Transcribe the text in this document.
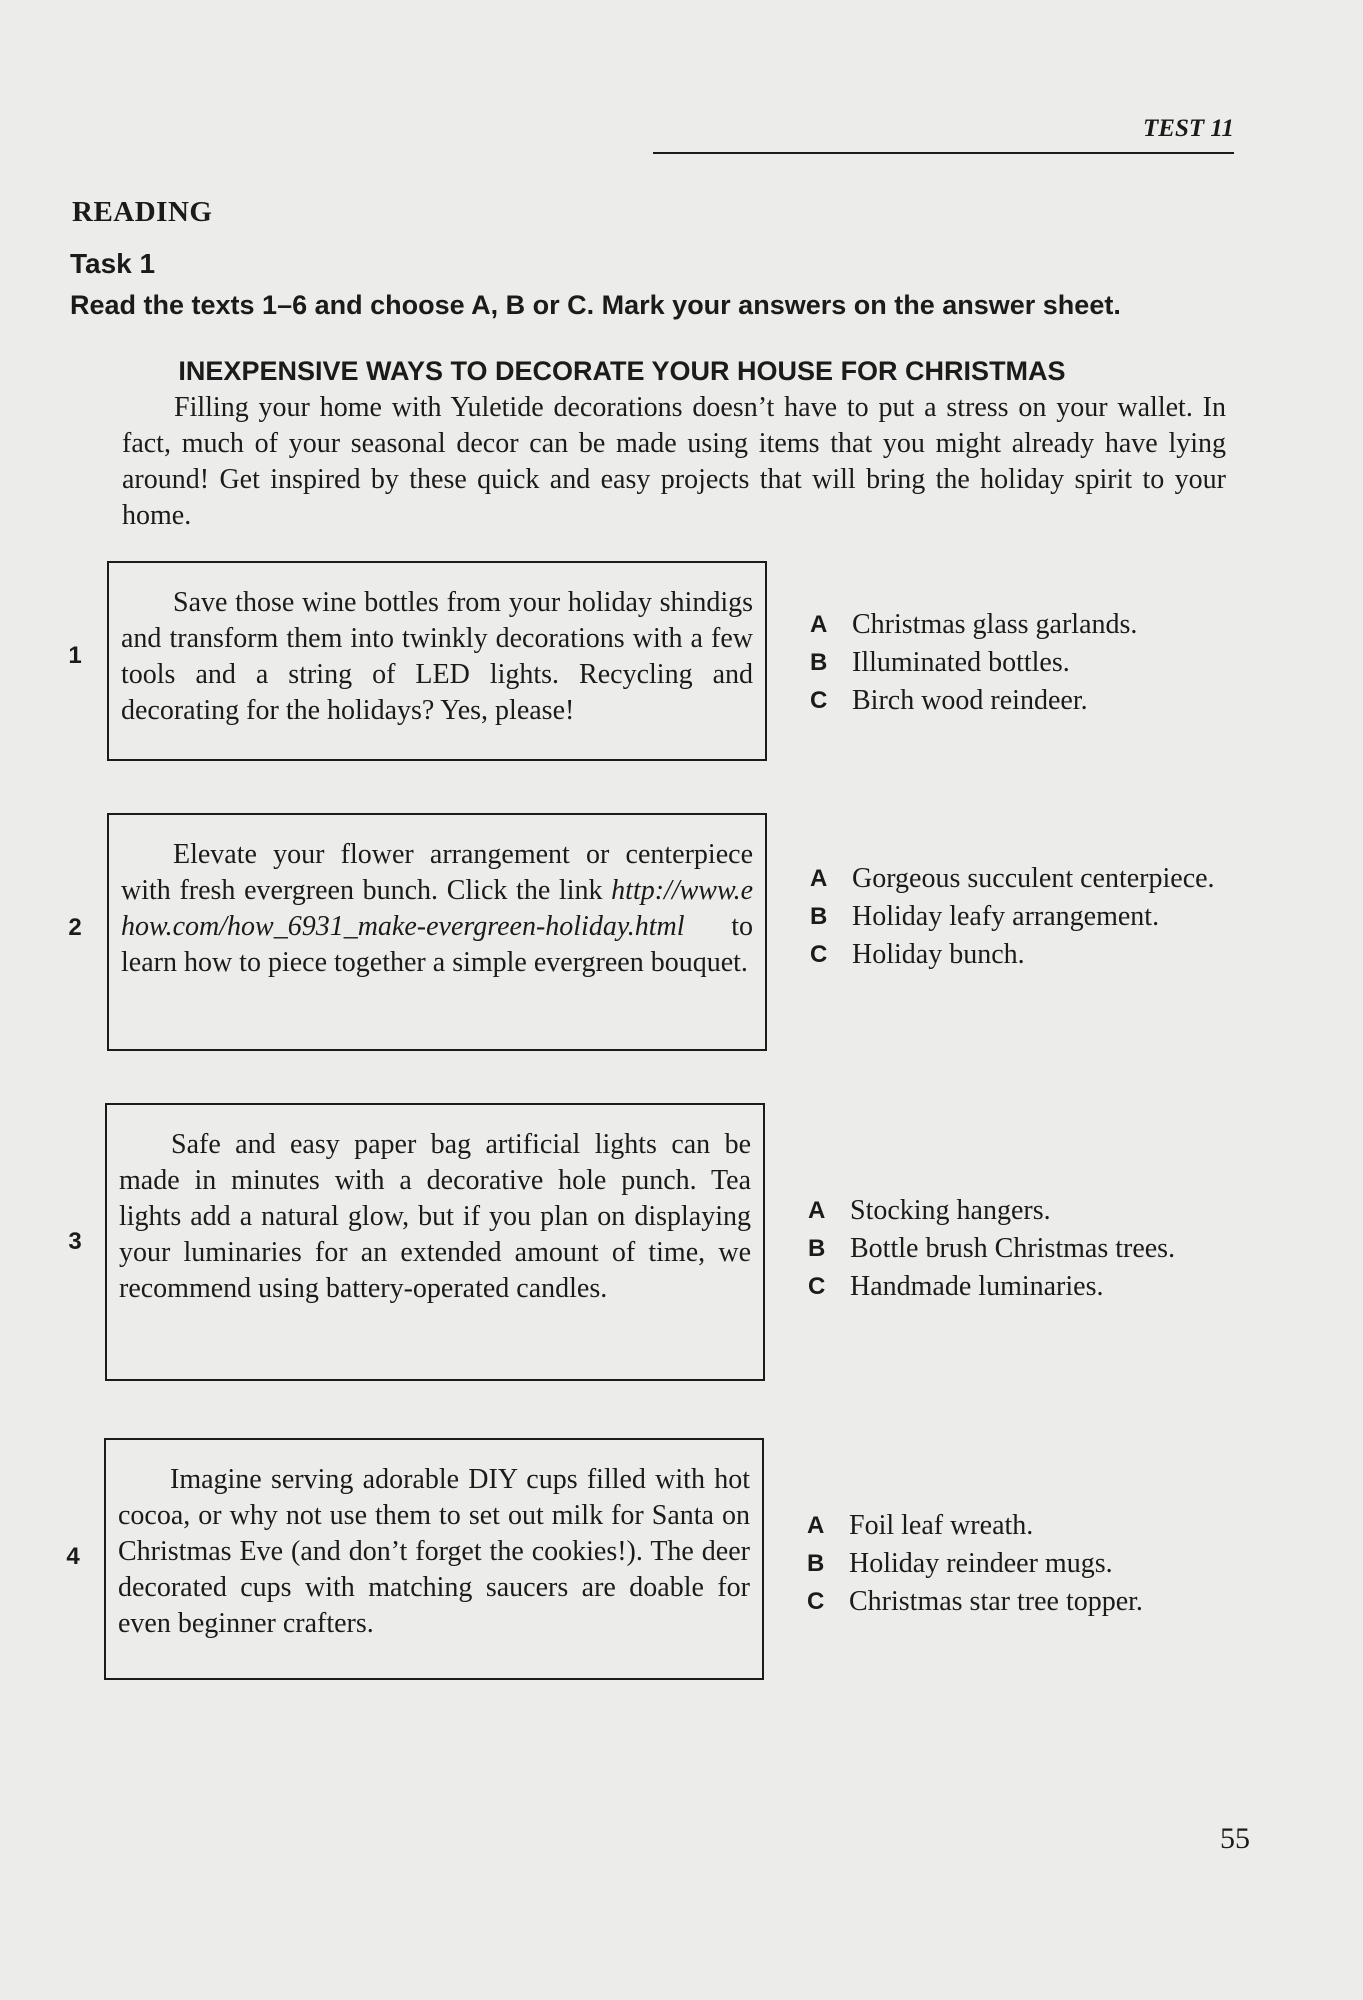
TEST 11
READING
Task 1
Read the texts 1–6 and choose A, B or C. Mark your answers on the answer sheet.
INEXPENSIVE WAYS TO DECORATE YOUR HOUSE FOR CHRISTMAS
Filling your home with Yuletide decorations doesn’t have to put a stress on your wallet. In fact, much of your seasonal decor can be made using items that you might already have lying around! Get inspired by these quick and easy projects that will bring the holiday spirit to your home.
1
Save those wine bottles from your holiday shindigs and transform them into twinkly decorations with a few tools and a string of LED lights. Recycling and decorating for the holidays? Yes, please!
A Christmas glass garlands.
B Illuminated bottles.
C Birch wood reindeer.
2
Elevate your flower arrangement or centerpiece with fresh evergreen bunch. Click the link http://www.ehow.com/how_6931_make-evergreen-holiday.html to learn how to piece together a simple evergreen bouquet.
A Gorgeous succulent centerpiece.
B Holiday leafy arrangement.
C Holiday bunch.
3
Safe and easy paper bag artificial lights can be made in minutes with a decorative hole punch. Tea lights add a natural glow, but if you plan on displaying your luminaries for an extended amount of time, we recommend using battery-operated candles.
A Stocking hangers.
B Bottle brush Christmas trees.
C Handmade luminaries.
4
Imagine serving adorable DIY cups filled with hot cocoa, or why not use them to set out milk for Santa on Christmas Eve (and don’t forget the cookies!). The deer decorated cups with matching saucers are doable for even beginner crafters.
A Foil leaf wreath.
B Holiday reindeer mugs.
C Christmas star tree topper.
55
